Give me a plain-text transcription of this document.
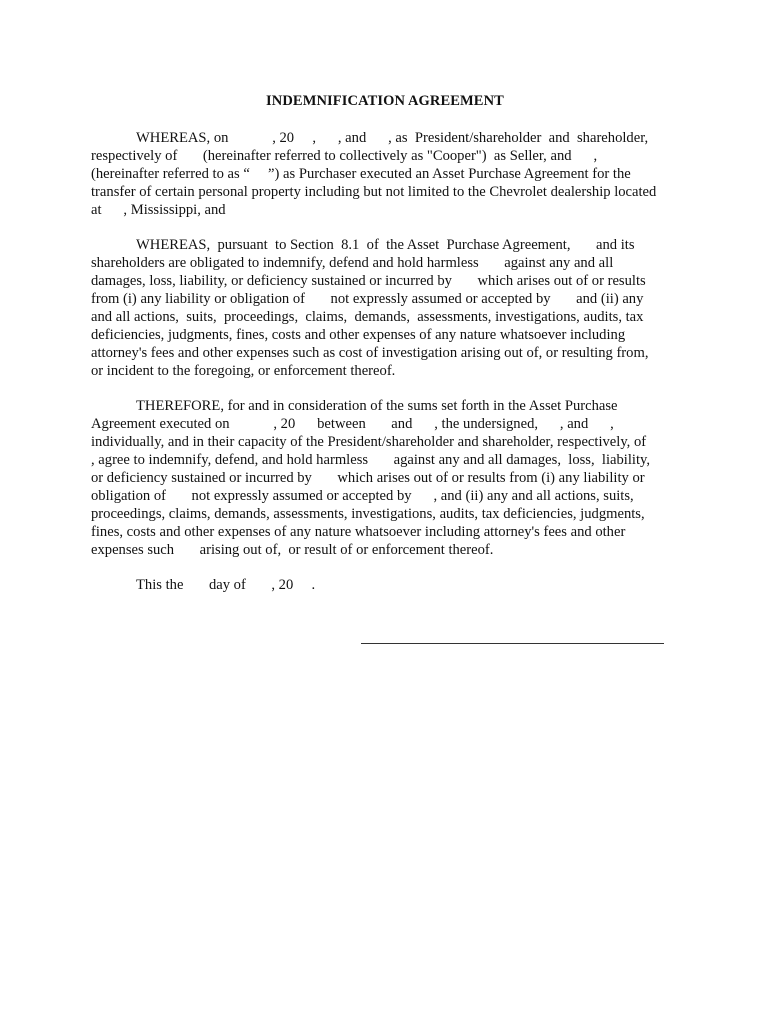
INDEMNIFICATION AGREEMENT
WHEREAS, on            , 20     ,      , and      , as  President/shareholder  and  shareholder,
respectively of       (hereinafter referred to collectively as "Cooper")  as Seller, and      ,
(hereinafter referred to as “     ”) as Purchaser executed an Asset Purchase Agreement for the
transfer of certain personal property including but not limited to the Chevrolet dealership located
at      , Mississippi, and
WHEREAS,  pursuant  to Section  8.1  of  the Asset  Purchase Agreement,       and its
shareholders are obligated to indemnify, defend and hold harmless       against any and all
damages, loss, liability, or deficiency sustained or incurred by       which arises out of or results
from (i) any liability or obligation of       not expressly assumed or accepted by       and (ii) any
and all actions,  suits,  proceedings,  claims,  demands,  assessments, investigations, audits, tax
deficiencies, judgments, fines, costs and other expenses of any nature whatsoever including
attorney's fees and other expenses such as cost of investigation arising out of, or resulting from,
or incident to the foregoing, or enforcement thereof.
THEREFORE, for and in consideration of the sums set forth in the Asset Purchase
Agreement executed on            , 20      between       and      , the undersigned,      , and      ,
individually, and in their capacity of the President/shareholder and shareholder, respectively, of
, agree to indemnify, defend, and hold harmless       against any and all damages,  loss,  liability,
or deficiency sustained or incurred by       which arises out of or results from (i) any liability or
obligation of       not expressly assumed or accepted by      , and (ii) any and all actions, suits,
proceedings, claims, demands, assessments, investigations, audits, tax deficiencies, judgments,
fines, costs and other expenses of any nature whatsoever including attorney's fees and other
expenses such       arising out of,  or result of or enforcement thereof.
This the       day of       , 20     .
